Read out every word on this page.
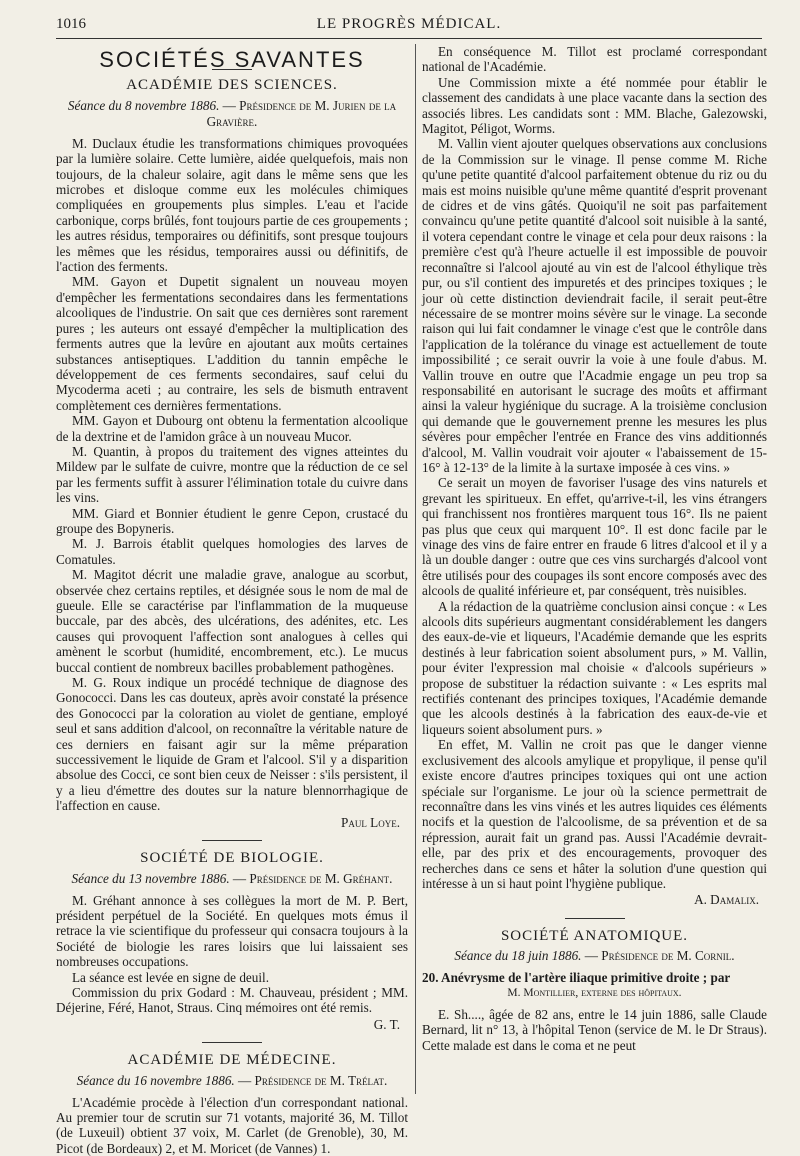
1016	LE PROGRÈS MÉDICAL.
SOCIÉTÉS SAVANTES
ACADÉMIE DES SCIENCES.
Séance du 8 novembre 1886. — Présidence de M. Jurien de la Gravière.

M. Duclaux étudie les transformations chimiques provoquées par la lumière solaire. Cette lumière, aidée quelquefois, mais non toujours, de la chaleur solaire, agit dans le même sens que les microbes et disloque comme eux les molécules chimiques compliquées en groupements plus simples. L'eau et l'acide carbonique, corps brûlés, font toujours partie de ces groupements ; les autres résidus, temporaires ou définitifs, sont presque toujours les mêmes que les résidus, temporaires aussi ou définitifs, de l'action des ferments.

MM. Gayon et Dupetit signalent un nouveau moyen d'empêcher les fermentations secondaires dans les fermentations alcooliques de l'industrie. On sait que ces dernières sont rarement pures ; les auteurs ont essayé d'empêcher la multiplication des ferments autres que la levûre en ajoutant aux moûts certaines substances antiseptiques. L'addition du tannin empêche le développement de ces ferments secondaires, sauf celui du Mycoderma aceti ; au contraire, les sels de bismuth entravent complètement ces dernières fermentations.

MM. Gayon et Dubourg ont obtenu la fermentation alcoolique de la dextrine et de l'amidon grâce à un nouveau Mucor.

M. Quantin, à propos du traitement des vignes atteintes du Mildew par le sulfate de cuivre, montre que la réduction de ce sel par les ferments suffit à assurer l'élimination totale du cuivre dans les vins.

MM. Giard et Bonnier étudient le genre Cepon, crustacé du groupe des Bopyneris.

M. J. Barrois établit quelques homologies des larves de Comatules.

M. Magitot décrit une maladie grave, analogue au scorbut, observée chez certains reptiles, et désignée sous le nom de mal de gueule. Elle se caractérise par l'inflammation de la muqueuse buccale, par des abcès, des ulcérations, des adénites, etc. Les causes qui provoquent l'affection sont analogues à celles qui amènent le scorbut (humidité, encombrement, etc.). Le mucus buccal contient de nombreux bacilles probablement pathogènes.

M. G. Roux indique un procédé technique de diagnose des Gonococci. Dans les cas douteux, après avoir constaté la présence des Gonococci par la coloration au violet de gentiane, employé seul et sans addition d'alcool, on reconnaître la véritable nature de ces derniers en faisant agir sur la même préparation successivement le liquide de Gram et l'alcool. S'il y a disparition absolue des Cocci, ce sont bien ceux de Neisser : s'ils persistent, il y a lieu d'émettre des doutes sur la nature blennorrhagique de l'affection en cause.

Paul Loye.
SOCIÉTÉ DE BIOLOGIE.
Séance du 13 novembre 1886. — Présidence de M. Gréhant.

M. Gréhant annonce à ses collègues la mort de M. P. Bert, président perpétuel de la Société. En quelques mots émus il retrace la vie scientifique du professeur qui consacra toujours à la Société de biologie les rares loisirs que lui laissaient ses nombreuses occupations.

La séance est levée en signe de deuil.

Commission du prix Godard : M. Chauveau, président ; MM. Déjerine, Féré, Hanot, Straus. Cinq mémoires ont été remis.

G. T.
ACADÉMIE DE MÉDECINE.
Séance du 16 novembre 1886. — Présidence de M. Trélat.

L'Académie procède à l'élection d'un correspondant national. Au premier tour de scrutin sur 71 votants, majorité 36, M. Tillot (de Luxeuil) obtient 37 voix, M. Carlet (de Grenoble), 30, M. Picot (de Bordeaux) 2, et M. Moricet (de Vannes) 1.

En conséquence M. Tillot est proclamé correspondant national de l'Académie.

Une Commission mixte a été nommée pour établir le classement des candidats à une place vacante dans la section des associés libres. Les candidats sont : MM. Blache, Galezowski, Magitot, Péligot, Worms.

M. Vallin vient ajouter quelques observations aux conclusions de la Commission sur le vinage. Il pense comme M. Riche qu'une petite quantité d'alcool parfaitement obtenue du riz ou du mais est moins nuisible qu'une même quantité d'esprit provenant de cidres et de vins gâtés. Quoiqu'il ne soit pas parfaitement convaincu qu'une petite quantité d'alcool soit nuisible à la santé, il votera cependant contre le vinage et cela pour deux raisons : la première c'est qu'à l'heure actuelle il est impossible de pouvoir reconnaître si l'alcool ajouté au vin est de l'alcool éthylique très pur, ou s'il contient des impuretés et des principes toxiques ; le jour où cette distinction deviendrait facile, il serait peut-être nécessaire de se montrer moins sévère sur le vinage. La seconde raison qui lui fait condamner le vinage c'est que le contrôle dans l'application de la tolérance du vinage est actuellement de toute impossibilité ; ce serait ouvrir la voie à une foule d'abus. M. Vallin trouve en outre que l'Acadmie engage un peu trop sa responsabilité en autorisant le sucrage des moûts et affirmant ainsi la valeur hygiénique du sucrage. A la troisième conclusion qui demande que le gouvernement prenne les mesures les plus sévères pour empêcher l'entrée en France des vins additionnés d'alcool, M. Vallin voudrait voir ajouter « l'abaissement de 15-16° à 12-13° de la limite à la surtaxe imposée à ces vins. »

Ce serait un moyen de favoriser l'usage des vins naturels et grevant les spiritueux. En effet, qu'arrive-t-il, les vins étrangers qui franchissent nos frontières marquent tous 16°. Ils ne paient pas plus que ceux qui marquent 10°. Il est donc facile par le vinage des vins de faire entrer en fraude 6 litres d'alcool et il y a là un double danger : outre que ces vins surchargés d'alcool vont être utilisés pour des coupages ils sont encore composés avec des alcools de qualité inférieure et, par conséquent, très nuisibles.

A la rédaction de la quatrième conclusion ainsi conçue : « Les alcools dits supérieurs augmentant considérablement les dangers des eaux-de-vie et liqueurs, l'Académie demande que les esprits destinés à leur fabrication soient absolument purs, » M. Vallin, pour éviter l'expression mal choisie « d'alcools supérieurs » propose de substituer la rédaction suivante : « Les esprits mal rectifiés contenant des principes toxiques, l'Académie demande que les alcools destinés à la fabrication des eaux-de-vie et liqueurs soient absolument purs. »

En effet, M. Vallin ne croit pas que le danger vienne exclusivement des alcools amylique et propylique, il pense qu'il existe encore d'autres principes toxiques qui ont une action spéciale sur l'organisme. Le jour où la science permettrait de reconnaître dans les vins vinés et les autres liquides ces éléments nocifs et la question de l'alcoolisme, de sa prévention et de sa répression, aurait fait un grand pas. Aussi l'Académie devrait-elle, par des prix et des encouragements, provoquer des recherches dans ce sens et hâter la solution d'une question qui intéresse à un si haut point l'hygiène publique.

A. Damalix.
SOCIÉTÉ ANATOMIQUE.
Séance du 18 juin 1886. — Présidence de M. Cornil.

20. Anévrysme de l'artère iliaque primitive droite ; par

M. Montillier, externe des hôpitaux.

E. Sh...., âgée de 82 ans, entre le 14 juin 1886, salle Claude Bernard, lit n° 13, à l'hôpital Tenon (service de M. le Dr Straus). Cette malade est dans le coma et ne peut
